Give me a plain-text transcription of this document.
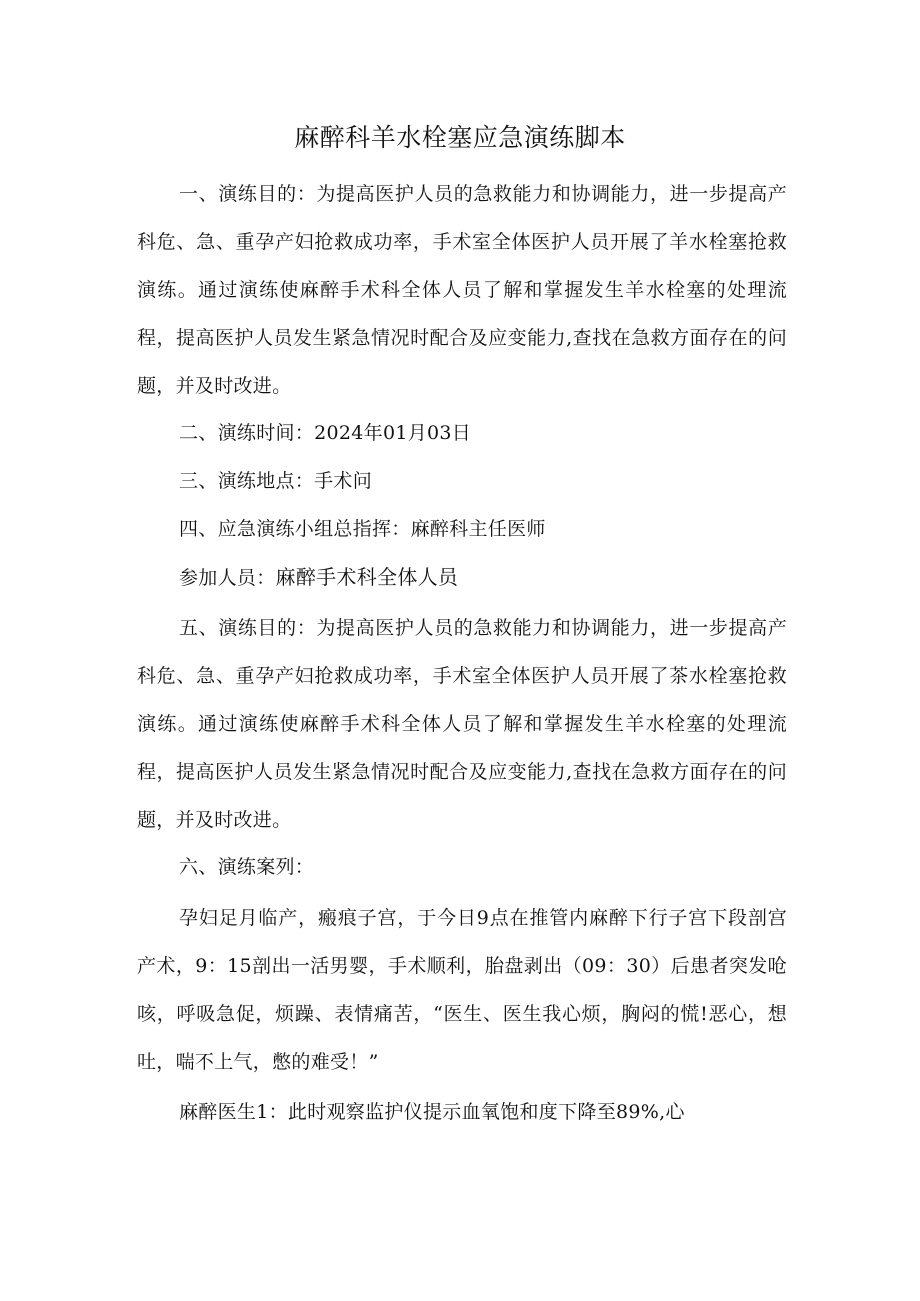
麻醉科羊水栓塞应急演练脚本

一、演练目的：为提高医护人员的急救能力和协调能力，进一步提高产科危、急、重孕产妇抢救成功率，手术室全体医护人员开展了羊水栓塞抢救演练。通过演练使麻醉手术科全体人员了解和掌握发生羊水栓塞的处理流程，提高医护人员发生紧急情况时配合及应变能力,查找在急救方面存在的问题，并及时改进。

二、演练时间：2024年01月03日
三、演练地点：手术问
四、应急演练小组总指挥：麻醉科主任医师
参加人员：麻醉手术科全体人员

五、演练目的：为提高医护人员的急救能力和协调能力，进一步提高产科危、急、重孕产妇抢救成功率，手术室全体医护人员开展了茶水栓塞抢救演练。通过演练使麻醉手术科全体人员了解和掌握发生羊水栓塞的处理流程，提高医护人员发生紧急情况时配合及应变能力,查找在急救方面存在的问题，并及时改进。

六、演练案列：

孕妇足月临产，瘢痕子宫，于今日9点在推管内麻醉下行子宫下段剖宫产术，9：15剖出一活男婴，手术顺利，胎盘剥出（09：30）后患者突发呛咳，呼吸急促，烦躁、表情痛苦，“医生、医生我心烦，胸闷的慌!恶心，想吐，喘不上气，憋的难受！”

麻醉医生1：此时观察监护仪提示血氧饱和度下降至89%,心
